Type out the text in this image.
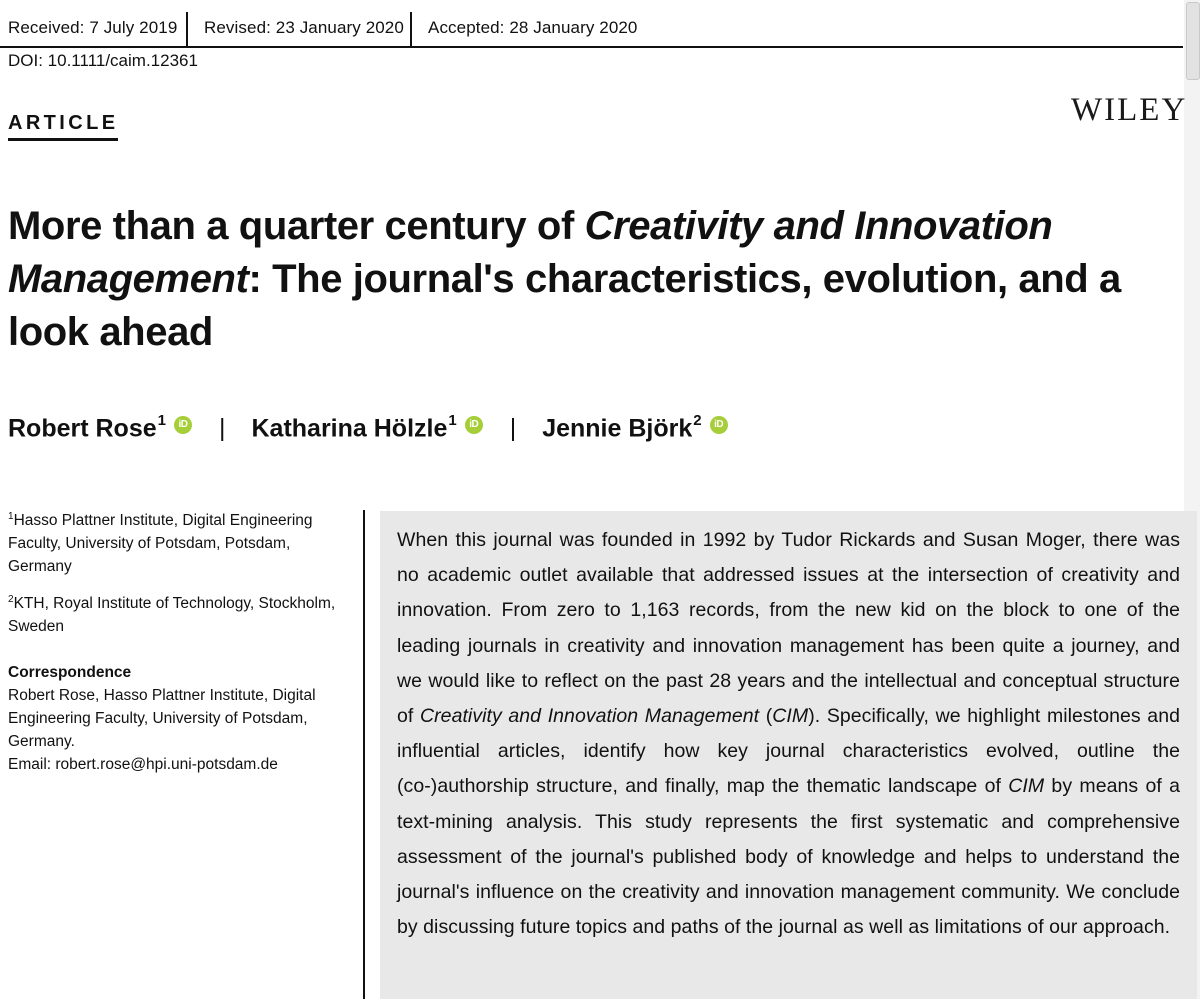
Received: 7 July 2019 Revised: 23 January 2020 Accepted: 28 January 2020
DOI: 10.1111/caim.12361
ARTICLE	WILEY
More than a quarter century of Creativity and Innovation Management: The journal's characteristics, evolution, and a look ahead
Robert Rose$^1$ iD | Katharina Hölzle$^1$ iD | Jennie Björk$^2$ iD

$^1$Hasso Plattner Institute, Digital Engineering Faculty, University of Potsdam, Potsdam, Germany

$^2$KTH, Royal Institute of Technology, Stockholm, Sweden

Correspondence

Robert Rose, Hasso Plattner Institute, Digital Engineering Faculty, University of Potsdam, Germany.

Email: robert.rose@hpi.uni-potsdam.de

When this journal was founded in 1992 by Tudor Rickards and Susan Moger, there was no academic outlet available that addressed issues at the intersection of creativity and innovation. From zero to 1,163 records, from the new kid on the block to one of the leading journals in creativity and innovation management has been quite a journey, and we would like to reflect on the past 28 years and the intellectual and conceptual structure of Creativity and Innovation Management (CIM). Specifically, we highlight milestones and influential articles, identify how key journal characteristics evolved, outline the (co-)authorship structure, and finally, map the thematic landscape of CIM by means of a text-mining analysis. This study represents the first systematic and comprehensive assessment of the journal's published body of knowledge and helps to understand the journal's influence on the creativity and innovation management community. We conclude by discussing future topics and paths of the journal as well as limitations of our approach.
